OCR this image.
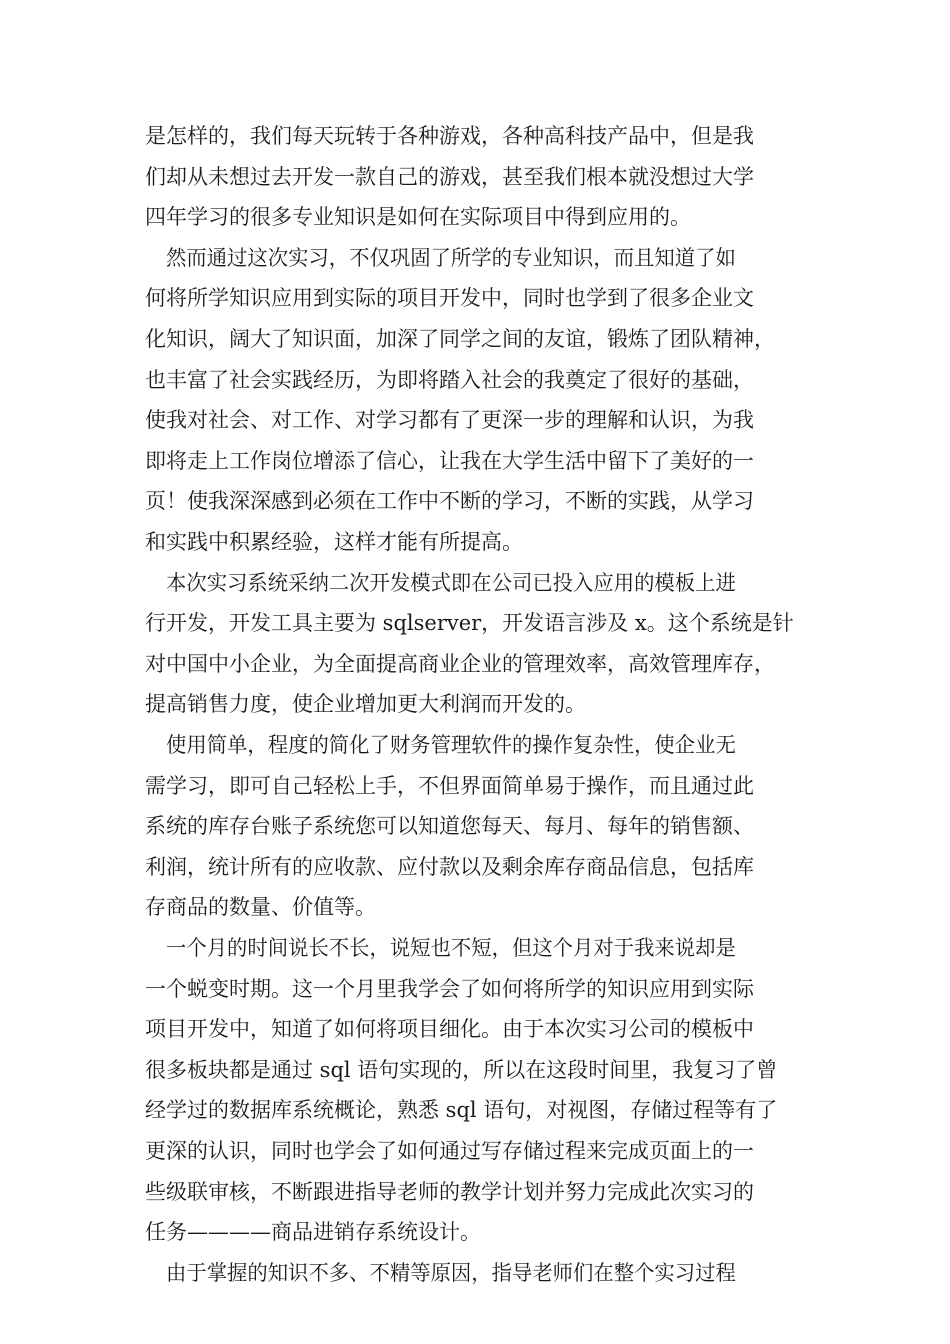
是怎样的，我们每天玩转于各种游戏，各种高科技产品中，但是我
们却从未想过去开发一款自己的游戏，甚至我们根本就没想过大学
四年学习的很多专业知识是如何在实际项目中得到应用的。
然而通过这次实习，不仅巩固了所学的专业知识，而且知道了如
何将所学知识应用到实际的项目开发中，同时也学到了很多企业文
化知识，阔大了知识面，加深了同学之间的友谊，锻炼了团队精神，
也丰富了社会实践经历，为即将踏入社会的我奠定了很好的基础，
使我对社会、对工作、对学习都有了更深一步的理解和认识，为我
即将走上工作岗位增添了信心，让我在大学生活中留下了美好的一
页！使我深深感到必须在工作中不断的学习，不断的实践，从学习
和实践中积累经验，这样才能有所提高。
本次实习系统采纳二次开发模式即在公司已投入应用的模板上进
行开发，开发工具主要为 sqlserver，开发语言涉及 x。这个系统是针
对中国中小企业，为全面提高商业企业的管理效率，高效管理库存，
提高销售力度，使企业增加更大利润而开发的。
使用简单，程度的简化了财务管理软件的操作复杂性，使企业无
需学习，即可自己轻松上手，不但界面简单易于操作，而且通过此
系统的库存台账子系统您可以知道您每天、每月、每年的销售额、
利润，统计所有的应收款、应付款以及剩余库存商品信息，包括库
存商品的数量、价值等。
一个月的时间说长不长，说短也不短，但这个月对于我来说却是
一个蜕变时期。这一个月里我学会了如何将所学的知识应用到实际
项目开发中，知道了如何将项目细化。由于本次实习公司的模板中
很多板块都是通过 sql 语句实现的，所以在这段时间里，我复习了曾
经学过的数据库系统概论，熟悉 sql 语句，对视图，存储过程等有了
更深的认识，同时也学会了如何通过写存储过程来完成页面上的一
些级联审核，不断跟进指导老师的教学计划并努力完成此次实习的
任务————商品进销存系统设计。
由于掌握的知识不多、不精等原因，指导老师们在整个实习过程
